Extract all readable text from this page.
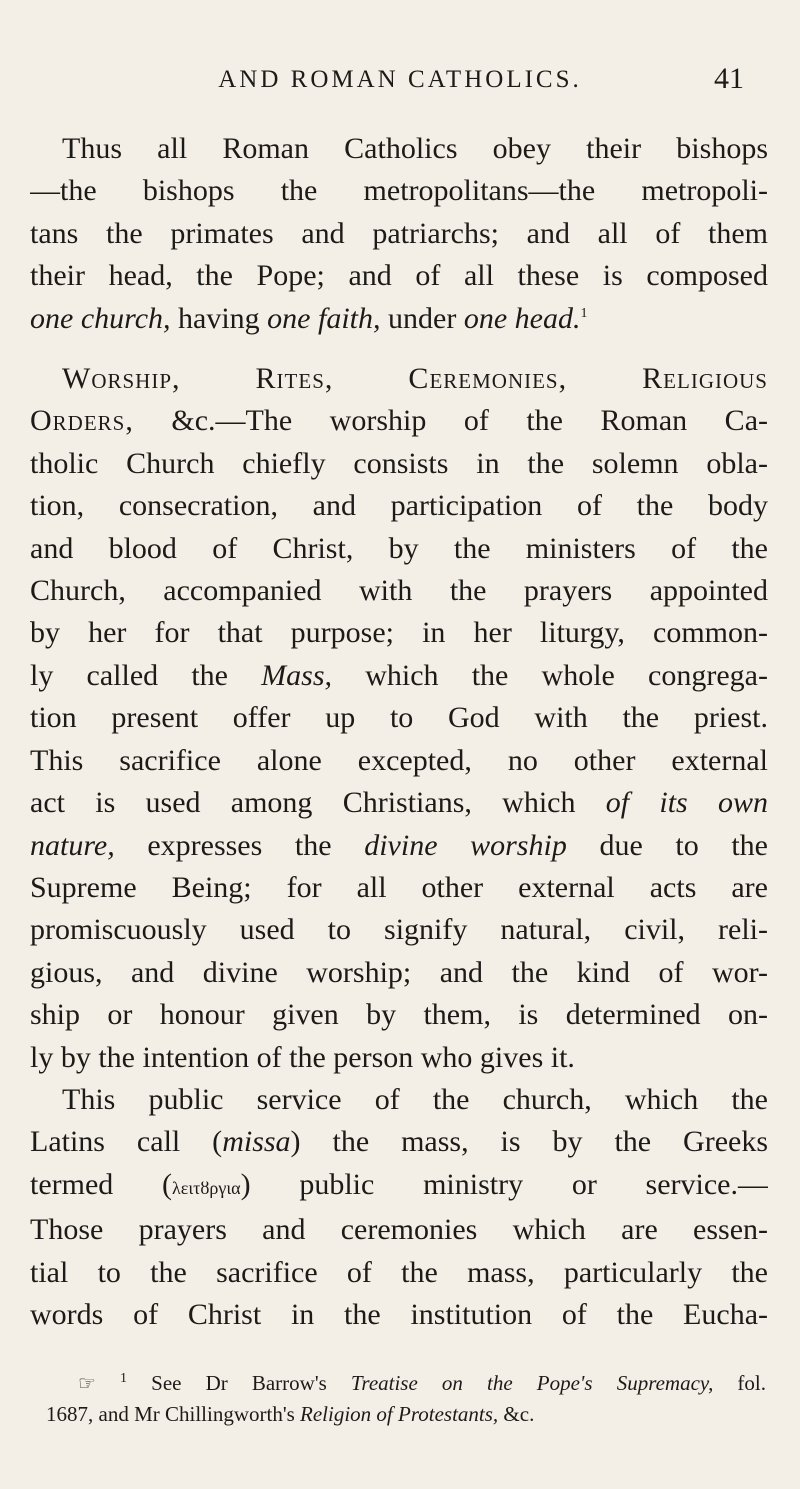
AND ROMAN CATHOLICS.	41
Thus all Roman Catholics obey their bishops
—the bishops the metropolitans—the metropoli-
tans the primates and patriarchs; and all of them
their head, the Pope; and of all these is composed
one church, having one faith, under one head.$^1$
Worship, Rites, Ceremonies, Religious
Orders, &c.—The worship of the Roman Ca-
tholic Church chiefly consists in the solemn obla-
tion, consecration, and participation of the body
and blood of Christ, by the ministers of the
Church, accompanied with the prayers appointed
by her for that purpose; in her liturgy, common-
ly called the Mass, which the whole congrega-
tion present offer up to God with the priest.
This sacrifice alone excepted, no other external
act is used among Christians, which of its own
nature, expresses the divine worship due to the
Supreme Being; for all other external acts are
promiscuously used to signify natural, civil, reli-
gious, and divine worship; and the kind of wor-
ship or honour given by them, is determined on-
ly by the intention of the person who gives it.
This public service of the church, which the
Latins call (missa) the mass, is by the Greeks
termed (λειτȣργια) public ministry or service.—
Those prayers and ceremonies which are essen-
tial to the sacrifice of the mass, particularly the
words of Christ in the institution of the Eucha-
☞ $^1$ See Dr Barrow's Treatise on the Pope's Supremacy, fol.
1687, and Mr Chillingworth's Religion of Protestants, &c.
